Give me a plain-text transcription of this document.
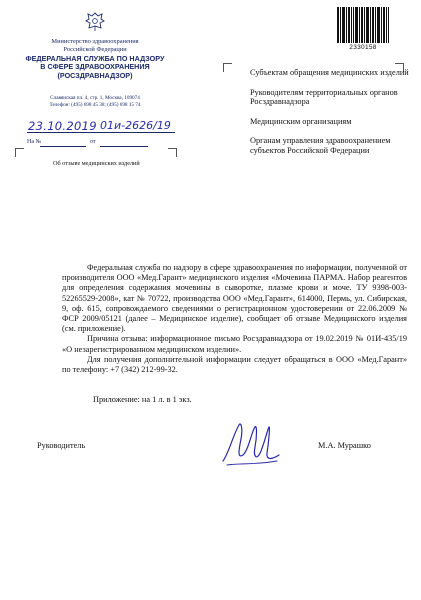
Министерство здравоохранения
Российской Федерации
ФЕДЕРАЛЬНАЯ СЛУЖБА ПО НАДЗОРУ
В СФЕРЕ ЗДРАВООХРАНЕНИЯ
(РОСЗДРАВНАДЗОР)
Славянская пл. 4, стр. 1, Москва, 109074
Телефон: (495) 698 45 38; (495) 698 15 74
23.10.2019 01и-2626/19
На №	от
Об отзыве медицинских изделий
2330158
Субъектам обращения медицинских изделий
Руководителям территориальных органов Росздравнадзора
Медицинским организациям
Органам управления здравоохранением субъектов Российской Федерации

Федеральная служба по надзору в сфере здравоохранения по информации, полученной от производителя ООО «Мед.Гарант» медицинского изделия «Мочевина ПАРМА. Набор реагентов для определения содержания мочевины в сыворотке, плазме крови и моче. ТУ 9398-003-52265529-2008», кат № 70722, производства ООО «Мед.Гарант», 614000, Пермь, ул. Сибирская, 9, оф. 615, сопровождаемого сведениями о регистрационном удостоверении от 22.06.2009 № ФСР 2009/05121 (далее – Медицинское изделие), сообщает об отзыве Медицинского изделия (см. приложение).

Причина отзыва: информационное письмо Росздравнадзора от 19.02.2019 № 01И-435/19 «О незарегистрированном медицинском изделии».

Для получения дополнительной информации следует обращаться в ООО «Мед.Гарант» по телефону: +7 (342) 212-99-32.

Приложение: на 1 л. в 1 экз.
Руководитель	М.А. Мурашко
